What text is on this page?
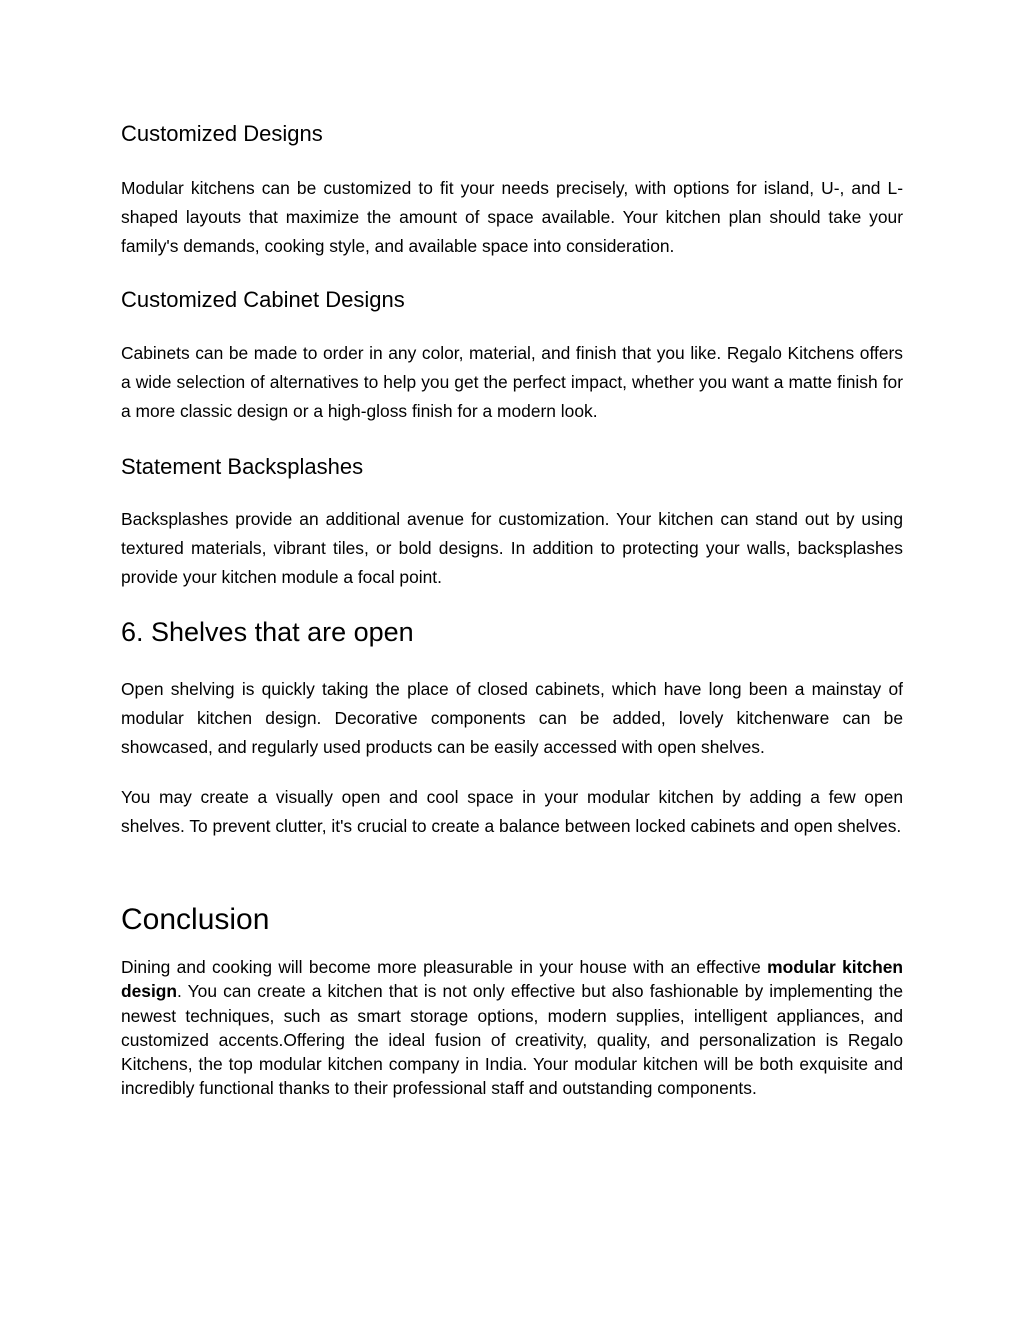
Customized Designs

Modular kitchens can be customized to fit your needs precisely, with options for island, U-, and L-shaped layouts that maximize the amount of space available. Your kitchen plan should take your family's demands, cooking style, and available space into consideration.

Customized Cabinet Designs

Cabinets can be made to order in any color, material, and finish that you like. Regalo Kitchens offers a wide selection of alternatives to help you get the perfect impact, whether you want a matte finish for a more classic design or a high-gloss finish for a modern look.

Statement Backsplashes

Backsplashes provide an additional avenue for customization. Your kitchen can stand out by using textured materials, vibrant tiles, or bold designs. In addition to protecting your walls, backsplashes provide your kitchen module a focal point.

6. Shelves that are open

Open shelving is quickly taking the place of closed cabinets, which have long been a mainstay of modular kitchen design. Decorative components can be added, lovely kitchenware can be showcased, and regularly used products can be easily accessed with open shelves.

You may create a visually open and cool space in your modular kitchen by adding a few open shelves. To prevent clutter, it's crucial to create a balance between locked cabinets and open shelves.

Conclusion

Dining and cooking will become more pleasurable in your house with an effective modular kitchen design. You can create a kitchen that is not only effective but also fashionable by implementing the newest techniques, such as smart storage options, modern supplies, intelligent appliances, and customized accents.Offering the ideal fusion of creativity, quality, and personalization is Regalo Kitchens, the top modular kitchen company in India. Your modular kitchen will be both exquisite and incredibly functional thanks to their professional staff and outstanding components.
